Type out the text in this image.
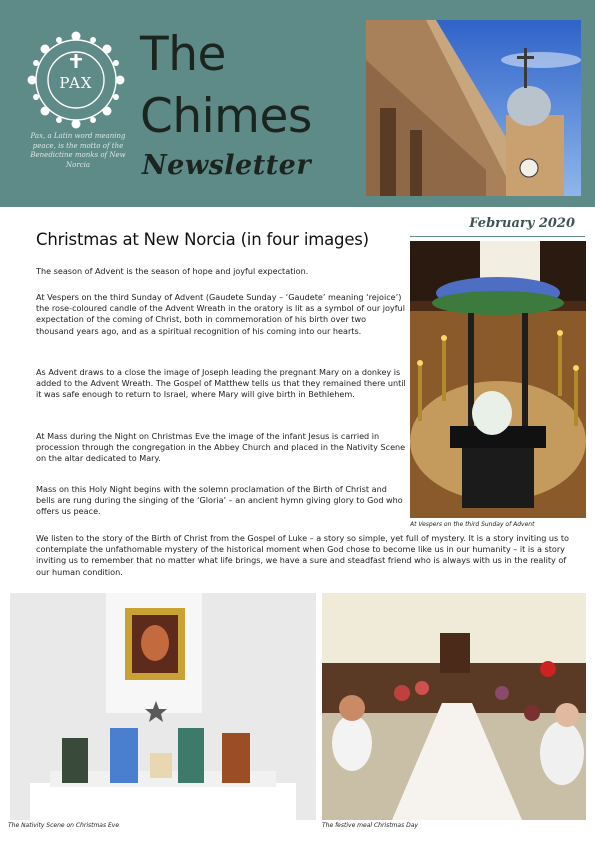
PAX
Pax, a Latin word meaning peace, is the motto of the Benedictine monks of New Norcia
The
Chimes
Newsletter
February 2020
Christmas at New Norcia (in four images)

The season of Advent is the season of hope and joyful expectation.

At Vespers on the third Sunday of Advent (Gaudete Sunday – ‘Gaudete’ meaning ‘rejoice’) the rose-coloured candle of the Advent Wreath in the oratory is lit as a symbol of our joyful expectation of the coming of Christ, both in commemoration of his birth over two thousand years ago, and as a spiritual recognition of his coming into our hearts.

As Advent draws to a close the image of Joseph leading the pregnant Mary on a donkey is added to the Advent Wreath. The Gospel of Matthew tells us that they remained there until it was safe enough to return to Israel, where Mary will give birth in Bethlehem.

At Mass during the Night on Christmas Eve the image of the infant Jesus is carried in procession through the congregation in the Abbey Church and placed in the Nativity Scene on the altar dedicated to Mary.

Mass on this Holy Night begins with the solemn proclamation of the Birth of Christ and bells are rung during the singing of the ‘Gloria’ – an ancient hymn giving glory to God who offers us peace.

We listen to the story of the Birth of Christ from the Gospel of Luke – a story so simple, yet full of mystery. It is a story inviting us to contemplate the unfathomable mystery of the historical moment when God chose to become like us in our humanity – it is a story inviting us to remember that no matter what life brings, we have a sure and steadfast friend who is always with us in the reality of our human condition.

At Vespers on the third Sunday of Advent
The Nativity Scene on Christmas Eve	The festive meal Christmas Day
